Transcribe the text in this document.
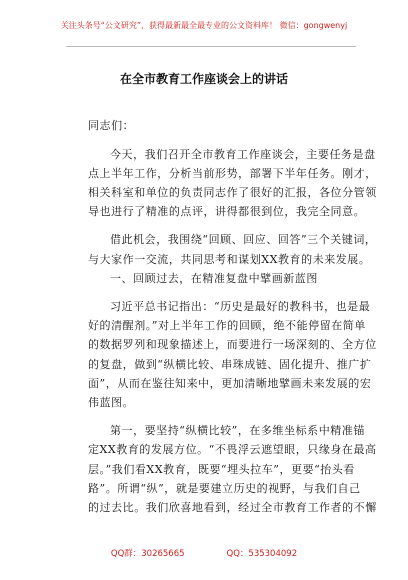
关注头条号“公文研究”，获得最新最全最专业的公文资料库！ 微信：gongwenyj
在全市教育工作座谈会上的讲话
同志们：
今天，我们召开全市教育工作座谈会，主要任务是盘
点上半年工作，分析当前形势，部署下半年任务。刚才，
相关科室和单位的负责同志作了很好的汇报，各位分管领
导也进行了精准的点评，讲得都很到位，我完全同意。
借此机会，我围绕“回顾、回应、回答”三个关键词，
与大家作一交流，共同思考和谋划XX教育的未来发展。
一、回顾过去，在精准复盘中擘画新蓝图
习近平总书记指出：“历史是最好的教科书，也是最
好的清醒剂。”对上半年工作的回顾，绝不能停留在简单
的数据罗列和现象描述上，而要进行一场深刻的、全方位
的复盘，做到“纵横比较、串珠成链、固化提升、推广扩
面”，从而在鉴往知来中，更加清晰地擘画未来发展的宏
伟蓝图。
第一，要坚持“纵横比较”，在多维坐标系中精准锚
定XX教育的发展方位。“不畏浮云遮望眼，只缘身在最高
层。”我们看XX教育，既要“埋头拉车”，更要“抬头看
路”。所谓“纵”，就是要建立历史的视野，与我们自己
的过去比。我们欣喜地看到，经过全市教育工作者的不懈
QQ群：30265665	QQ：535304092
